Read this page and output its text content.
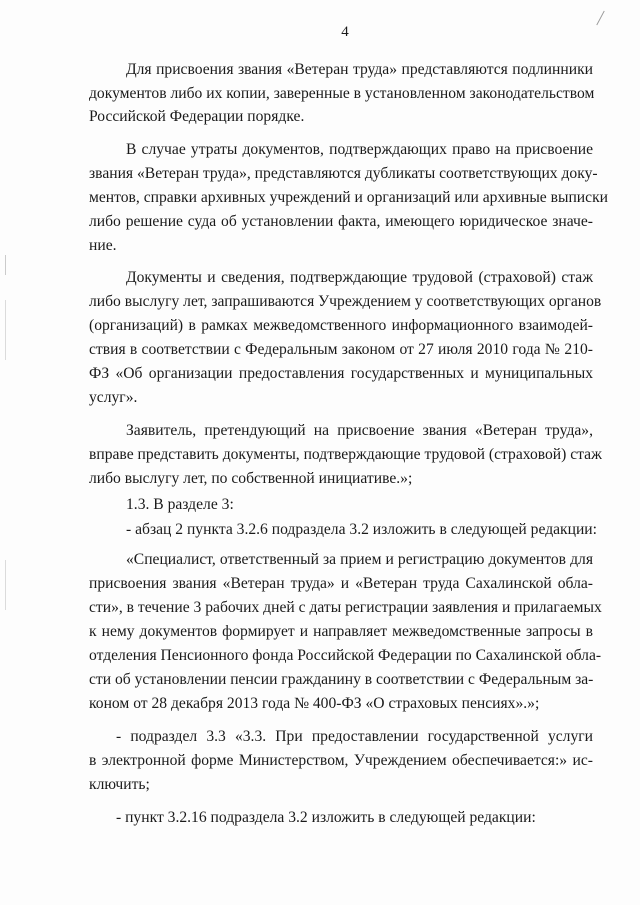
4
Для присвоения звания «Ветеран труда» представляются подлинники
документов либо их копии, заверенные в установленном законодательством
Российской Федерации порядке.
В случае утраты документов, подтверждающих право на присвоение
звания «Ветеран труда», представляются дубликаты соответствующих доку-
ментов, справки архивных учреждений и организаций или архивные выписки
либо решение суда об установлении факта, имеющего юридическое значе-
ние.
Документы и сведения, подтверждающие трудовой (страховой) стаж
либо выслугу лет, запрашиваются Учреждением у соответствующих органов
(организаций) в рамках межведомственного информационного взаимодей-
ствия в соответствии с Федеральным законом от 27 июля 2010 года № 210-
ФЗ «Об организации предоставления государственных и муниципальных
услуг».
Заявитель, претендующий на присвоение звания «Ветеран труда»,
вправе представить документы, подтверждающие трудовой (страховой) стаж
либо выслугу лет, по собственной инициативе.»;
1.3. В разделе 3:
- абзац 2 пункта 3.2.6 подраздела 3.2 изложить в следующей редакции:
«Специалист, ответственный за прием и регистрацию документов для
присвоения звания «Ветеран труда» и «Ветеран труда Сахалинской обла-
сти», в течение 3 рабочих дней с даты регистрации заявления и прилагаемых
к нему документов формирует и направляет межведомственные запросы в
отделения Пенсионного фонда Российской Федерации по Сахалинской обла-
сти об установлении пенсии гражданину в соответствии с Федеральным за-
коном от 28 декабря 2013 года № 400-ФЗ «О страховых пенсиях».»;
- подраздел 3.3 «3.3. При предоставлении государственной услуги
в электронной форме Министерством, Учреждением обеспечивается:» ис-
ключить;
- пункт 3.2.16 подраздела 3.2 изложить в следующей редакции:
